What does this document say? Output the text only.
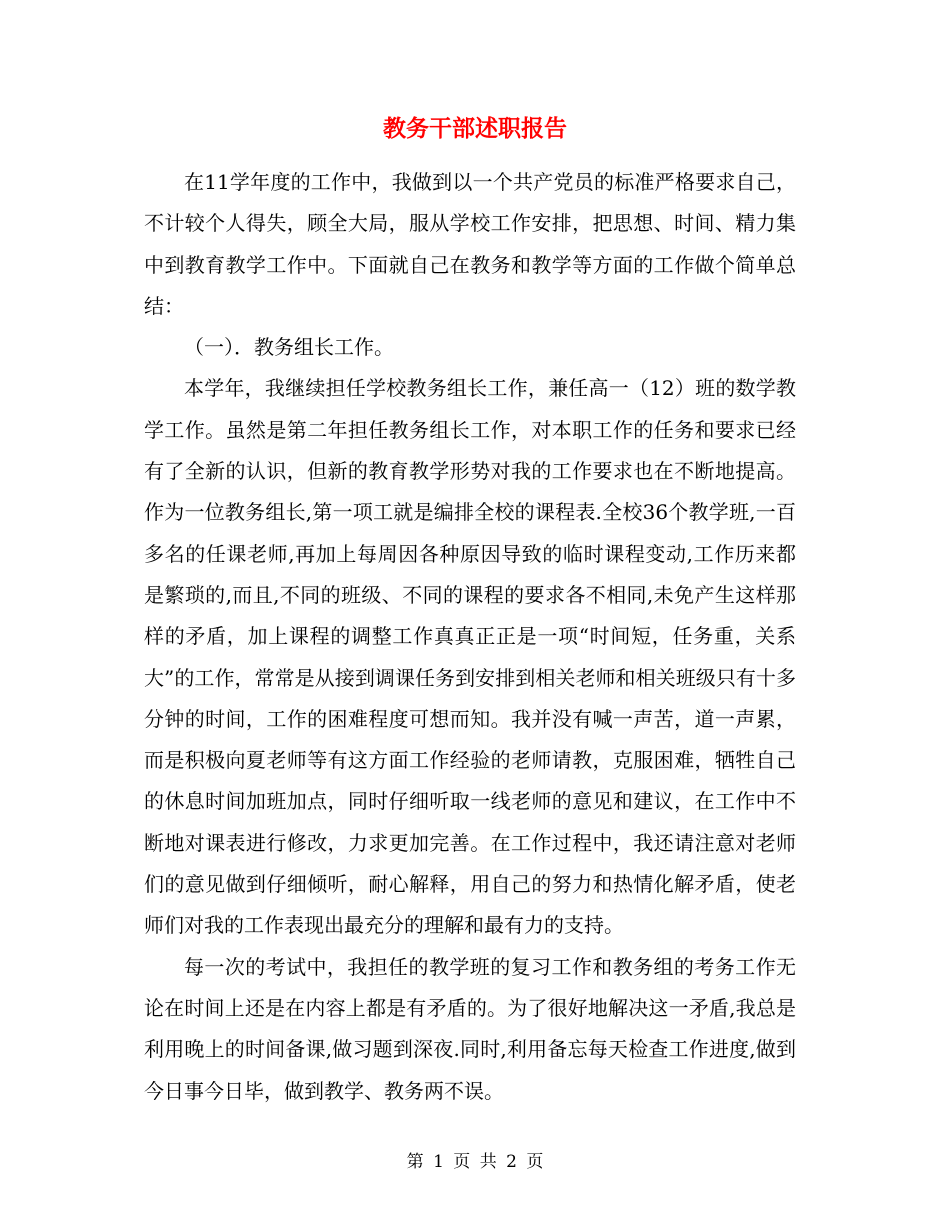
教务干部述职报告

在11学年度的工作中，我做到以一个共产党员的标准严格要求自己，不计较个人得失，顾全大局，服从学校工作安排，把思想、时间、精力集中到教育教学工作中。下面就自己在教务和教学等方面的工作做个简单总结：

（一）．教务组长工作。

本学年，我继续担任学校教务组长工作，兼任高一（12）班的数学教学工作。虽然是第二年担任教务组长工作，对本职工作的任务和要求已经有了全新的认识，但新的教育教学形势对我的工作要求也在不断地提高。作为一位教务组长,第一项工就是编排全校的课程表.全校36个教学班,一百多名的任课老师,再加上每周因各种原因导致的临时课程变动,工作历来都是繁琐的,而且,不同的班级、不同的课程的要求各不相同,未免产生这样那样的矛盾，加上课程的调整工作真真正正是一项“时间短，任务重，关系大”的工作，常常是从接到调课任务到安排到相关老师和相关班级只有十多分钟的时间，工作的困难程度可想而知。我并没有喊一声苦，道一声累，而是积极向夏老师等有这方面工作经验的老师请教，克服困难，牺牲自己的休息时间加班加点，同时仔细听取一线老师的意见和建议，在工作中不断地对课表进行修改，力求更加完善。在工作过程中，我还请注意对老师们的意见做到仔细倾听，耐心解释，用自己的努力和热情化解矛盾，使老师们对我的工作表现出最充分的理解和最有力的支持。

每一次的考试中，我担任的教学班的复习工作和教务组的考务工作无论在时间上还是在内容上都是有矛盾的。为了很好地解决这一矛盾,我总是利用晚上的时间备课,做习题到深夜.同时,利用备忘每天检查工作进度,做到今日事今日毕，做到教学、教务两不误。

第 1 页 共 2 页
